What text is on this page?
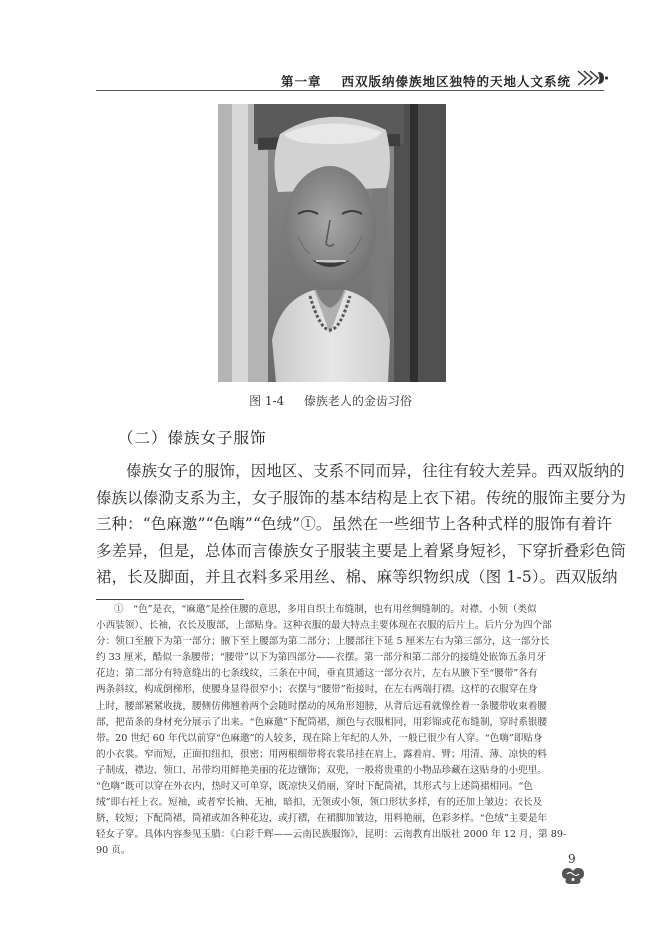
第一章 西双版纳傣族地区独特的天地人文系统
图 1-4 傣族老人的金齿习俗
（二）傣族女子服饰
傣族女子的服饰，因地区、支系不同而异，往往有较大差异。西双版纳的
傣族以傣泐支系为主，女子服饰的基本结构是上衣下裙。传统的服饰主要分为
三种：“色麻邀”“色嗨”“色绒”①。虽然在一些细节上各种式样的服饰有着许
多差异，但是，总体而言傣族女子服装主要是上着紧身短衫，下穿折叠彩色筒
裙，长及脚面，并且衣料多采用丝、棉、麻等织物织成（图 1-5）。西双版纳
①　“色”是衣，“麻邀”是拴住腰的意思，多用自织土布缝制，也有用丝绸缝制的。对襟、小领（类似
小西装领）、长袖，衣长及腹部，上部贴身。这种衣服的最大特点主要体现在衣服的后片上。后片分为四个部
分：领口至腋下为第一部分；腋下至上腰部为第二部分；上腰部往下延 5 厘米左右为第三部分，这一部分长
约 33 厘米，酷似一条腰带；“腰带”以下为第四部分——衣摆。第一部分和第二部分的接缝处嵌饰五条月牙
花边；第二部分有特意缝出的七条线纹，三条在中间，垂直贯通这一部分衣片，左右从腋下至“腰带”各有
两条斜纹，构成倒梯形，使腰身显得很窄小；衣摆与“腰带”衔接时，在左右两端打褶。这样的衣服穿在身
上时，腰部紧紧收拢，腰侧仿佛翘着两个会随时摆动的凤角形翅膀，从背后远看就像拴着一条腰带收束着腰
部，把苗条的身材充分展示了出来。“色麻邀”下配筒裙，颜色与衣服相同，用彩锦或花布缝制，穿时系银腰
带。20 世纪 60 年代以前穿“色麻邀”的人较多，现在除上年纪的人外，一般已很少有人穿。“色嗨”即贴身
的小衣裳。窄而短，正面扣纽扣，很密；用两根细带将衣裳吊挂在肩上，露着肩、臂；用清、薄、凉快的料
子制成，襟边、领口、吊带均用鲜艳美丽的花边镶饰；双兜，一般将贵重的小物品珍藏在这贴身的小兜里。
“色嗨”既可以穿在外衣内，热时又可单穿，既凉快又俏丽，穿时下配筒裙，其形式与上述筒裙相同。“色
绒”即右衽上衣。短袖，或者窄长袖、无袖，暗扣，无领或小领，领口形状多样，有的还加上皱边；衣长及
脐，较短；下配筒裙，筒裙或加各种花边，或打褶，在裙脚加皱边，用料艳丽，色彩多样。“色绒”主要是年
轻女子穿。具体内容参见玉腊：《白彩千辉——云南民族服饰》，昆明：云南教育出版社 2000 年 12 月，第 89-
90 页。
9
